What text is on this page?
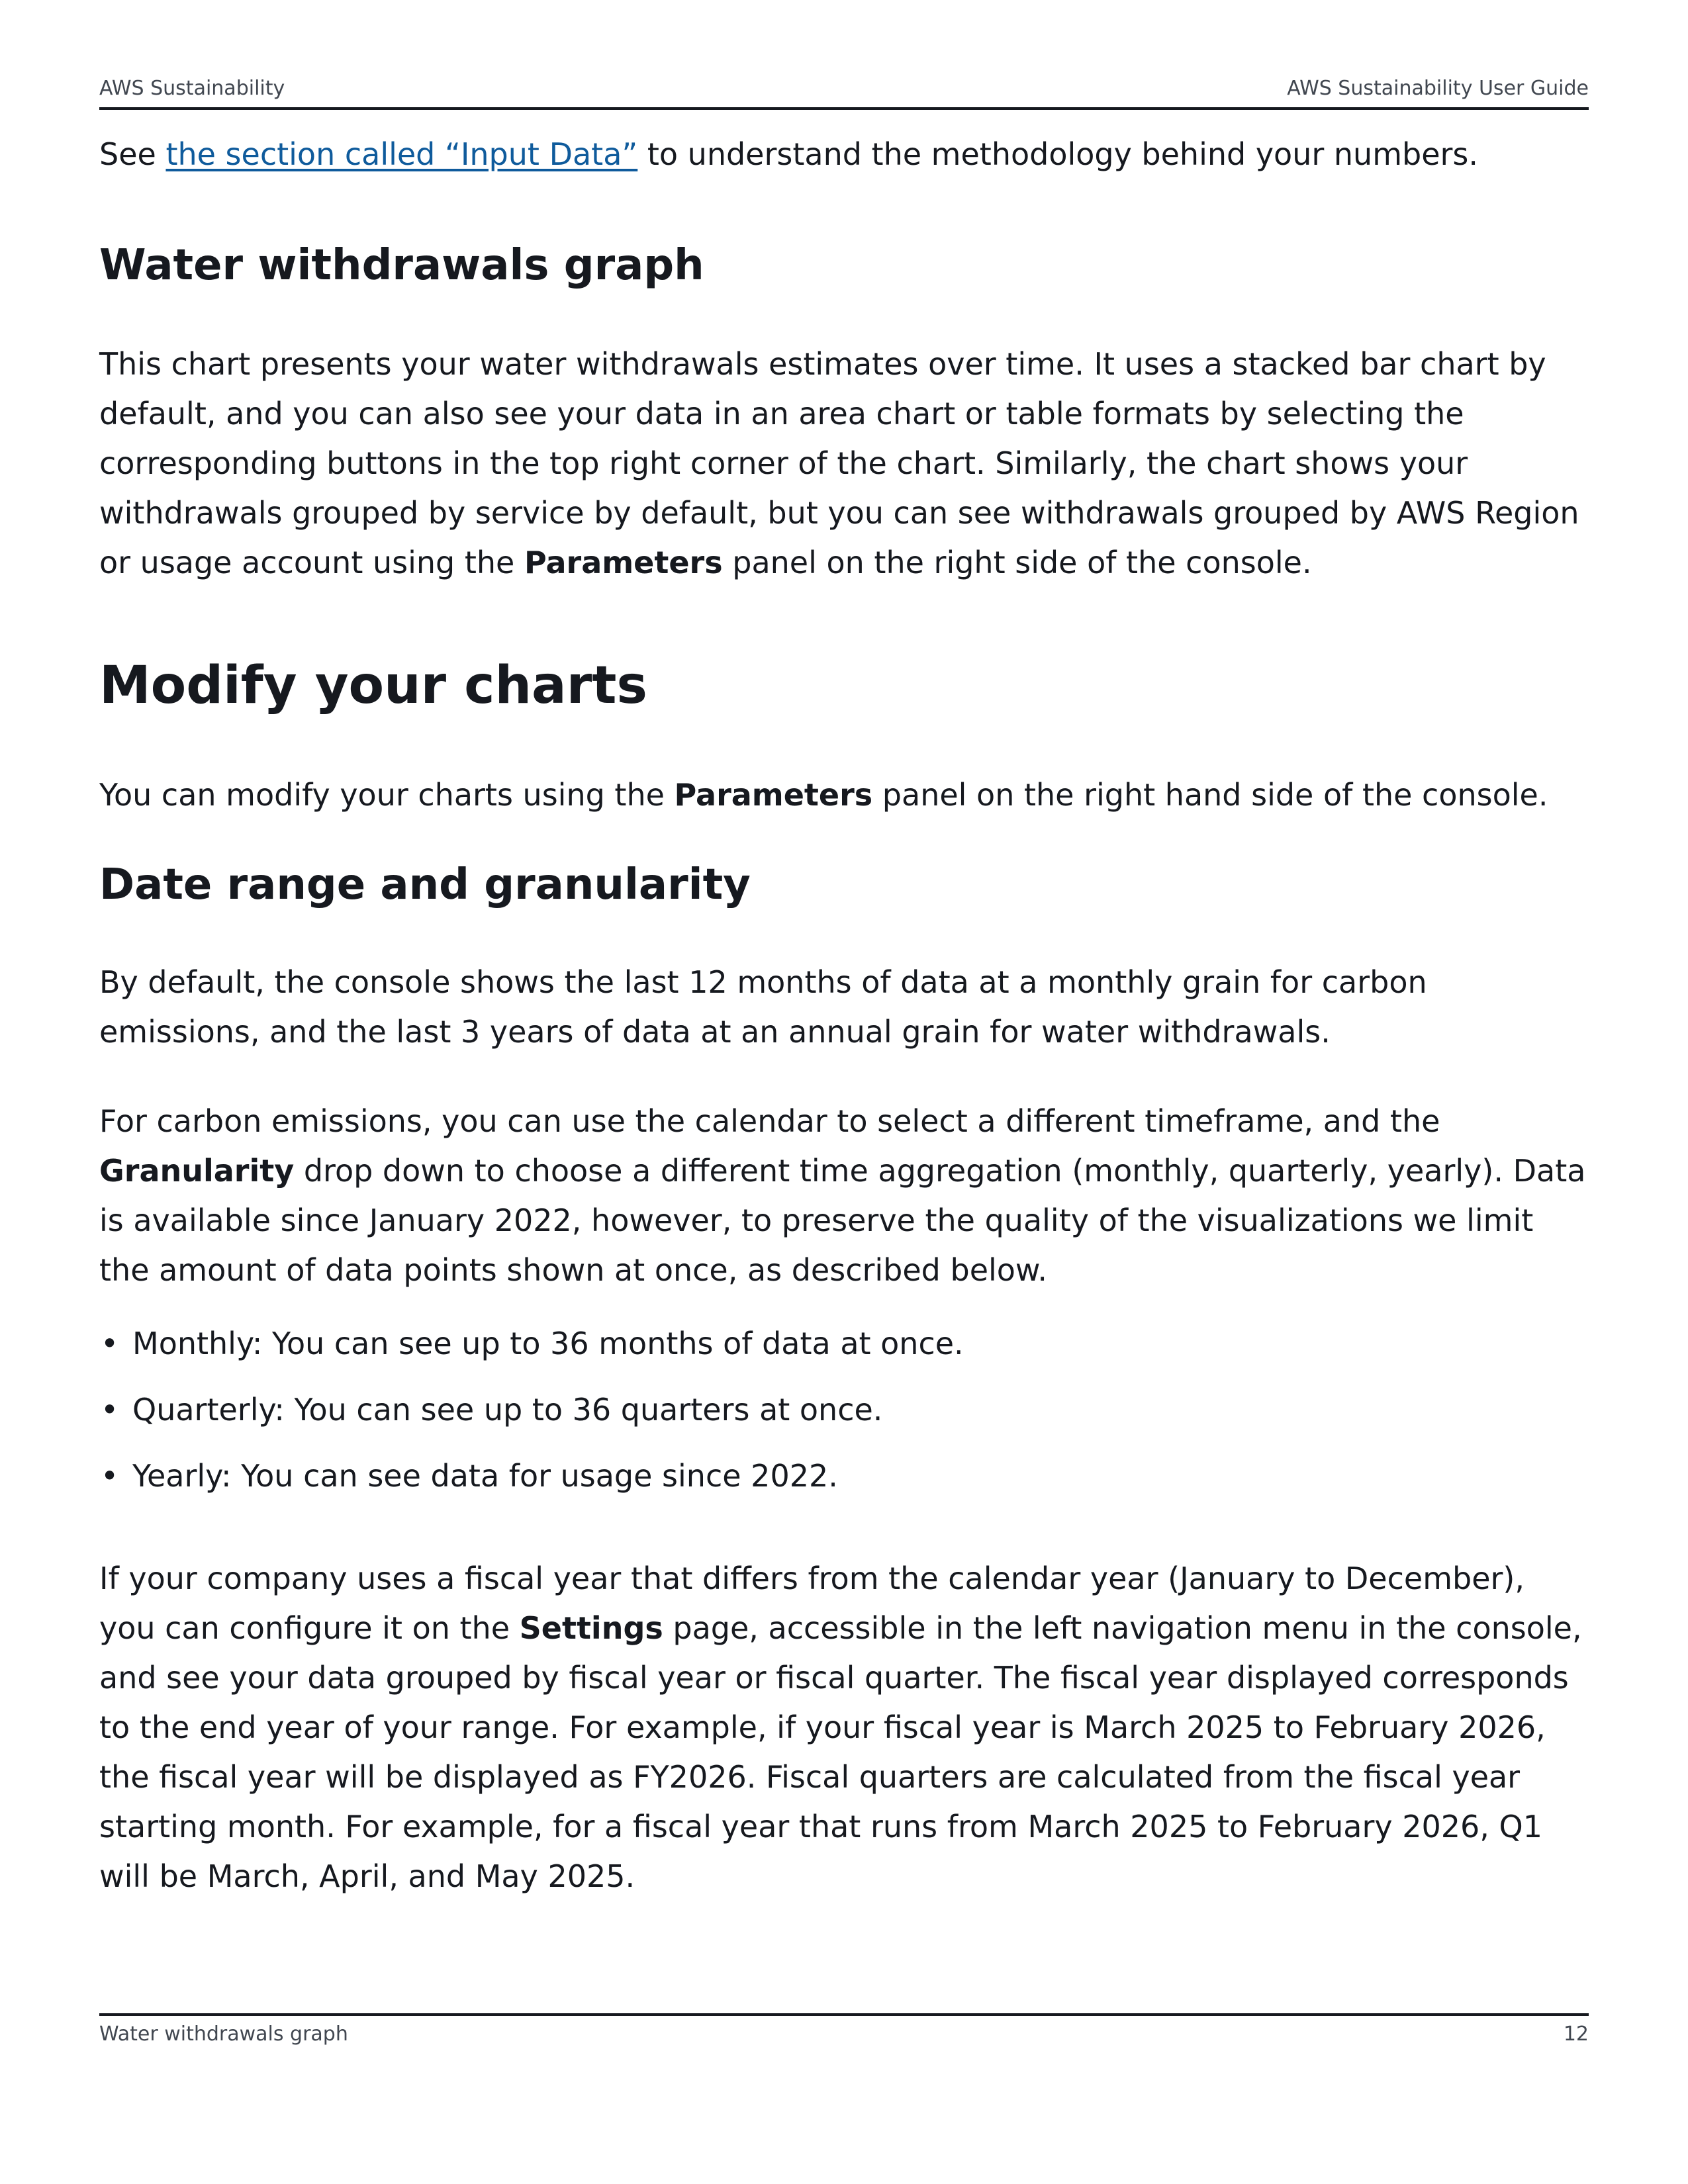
AWS Sustainability	AWS Sustainability User Guide

See the section called “Input Data” to understand the methodology behind your numbers.

Water withdrawals graph

This chart presents your water withdrawals estimates over time. It uses a stacked bar chart by default, and you can also see your data in an area chart or table formats by selecting the corresponding buttons in the top right corner of the chart. Similarly, the chart shows your withdrawals grouped by service by default, but you can see withdrawals grouped by AWS Region or usage account using the Parameters panel on the right side of the console.

Modify your charts

You can modify your charts using the Parameters panel on the right hand side of the console.

Date range and granularity

By default, the console shows the last 12 months of data at a monthly grain for carbon emissions, and the last 3 years of data at an annual grain for water withdrawals.

For carbon emissions, you can use the calendar to select a different timeframe, and the Granularity drop down to choose a different time aggregation (monthly, quarterly, yearly). Data is available since January 2022, however, to preserve the quality of the visualizations we limit the amount of data points shown at once, as described below.

• Monthly: You can see up to 36 months of data at once.
• Quarterly: You can see up to 36 quarters at once.
• Yearly: You can see data for usage since 2022.

If your company uses a fiscal year that differs from the calendar year (January to December), you can configure it on the Settings page, accessible in the left navigation menu in the console, and see your data grouped by fiscal year or fiscal quarter. The fiscal year displayed corresponds to the end year of your range. For example, if your fiscal year is March 2025 to February 2026, the fiscal year will be displayed as FY2026. Fiscal quarters are calculated from the fiscal year starting month. For example, for a fiscal year that runs from March 2025 to February 2026, Q1 will be March, April, and May 2025.

Water withdrawals graph	12
